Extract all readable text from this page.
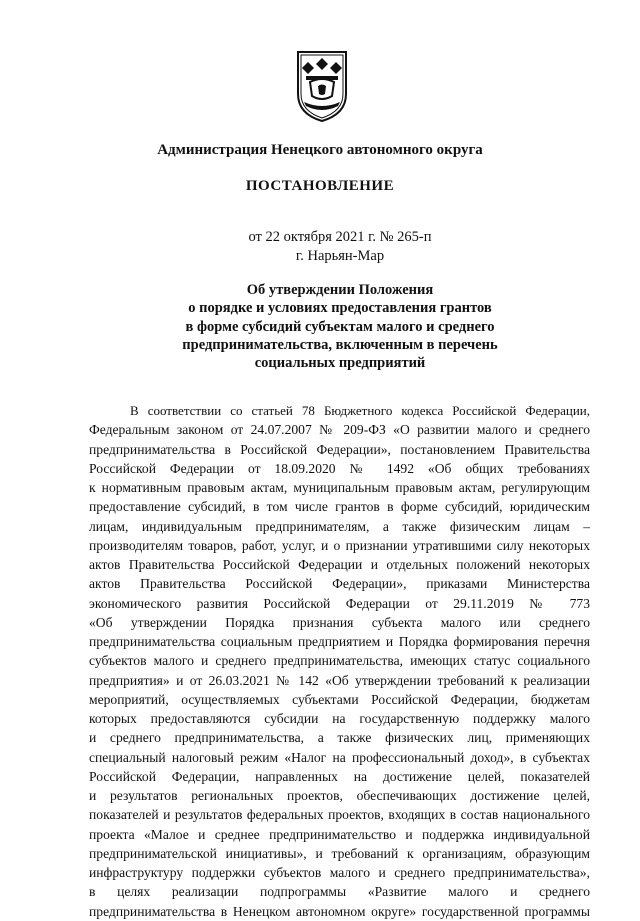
Администрация Ненецкого автономного округа
ПОСТАНОВЛЕНИЕ
от 22 октября 2021 г. № 265-п
г. Нарьян-Мар
Об утверждении Положения
о порядке и условиях предоставления грантов
в форме субсидий субъектам малого и среднего
предпринимательства, включенным в перечень
социальных предприятий
В соответствии со статьей 78 Бюджетного кодекса Российской Федерации,
Федеральным законом от 24.07.2007 № 209-ФЗ «О развитии малого и среднего
предпринимательства в Российской Федерации», постановлением Правительства
Российской Федерации от 18.09.2020 № 1492 «Об общих требованиях
к нормативным правовым актам, муниципальным правовым актам, регулирующим
предоставление субсидий, в том числе грантов в форме субсидий, юридическим
лицам, индивидуальным предпринимателям, а также физическим лицам –
производителям товаров, работ, услуг, и о признании утратившими силу некоторых
актов Правительства Российской Федерации и отдельных положений некоторых
актов Правительства Российской Федерации», приказами Министерства
экономического развития Российской Федерации от 29.11.2019 № 773
«Об утверждении Порядка признания субъекта малого или среднего
предпринимательства социальным предприятием и Порядка формирования перечня
субъектов малого и среднего предпринимательства, имеющих статус социального
предприятия» и от 26.03.2021 № 142 «Об утверждении требований к реализации
мероприятий, осуществляемых субъектами Российской Федерации, бюджетам
которых предоставляются субсидии на государственную поддержку малого
и среднего предпринимательства, а также физических лиц, применяющих
специальный налоговый режим «Налог на профессиональный доход», в субъектах
Российской Федерации, направленных на достижение целей, показателей
и результатов региональных проектов, обеспечивающих достижение целей,
показателей и результатов федеральных проектов, входящих в состав национального
проекта «Малое и среднее предпринимательство и поддержка индивидуальной
предпринимательской инициативы», и требований к организациям, образующим
инфраструктуру поддержки субъектов малого и среднего предпринимательства»,
в целях реализации подпрограммы «Развитие малого и среднего
предпринимательства в Ненецком автономном округе» государственной программы
